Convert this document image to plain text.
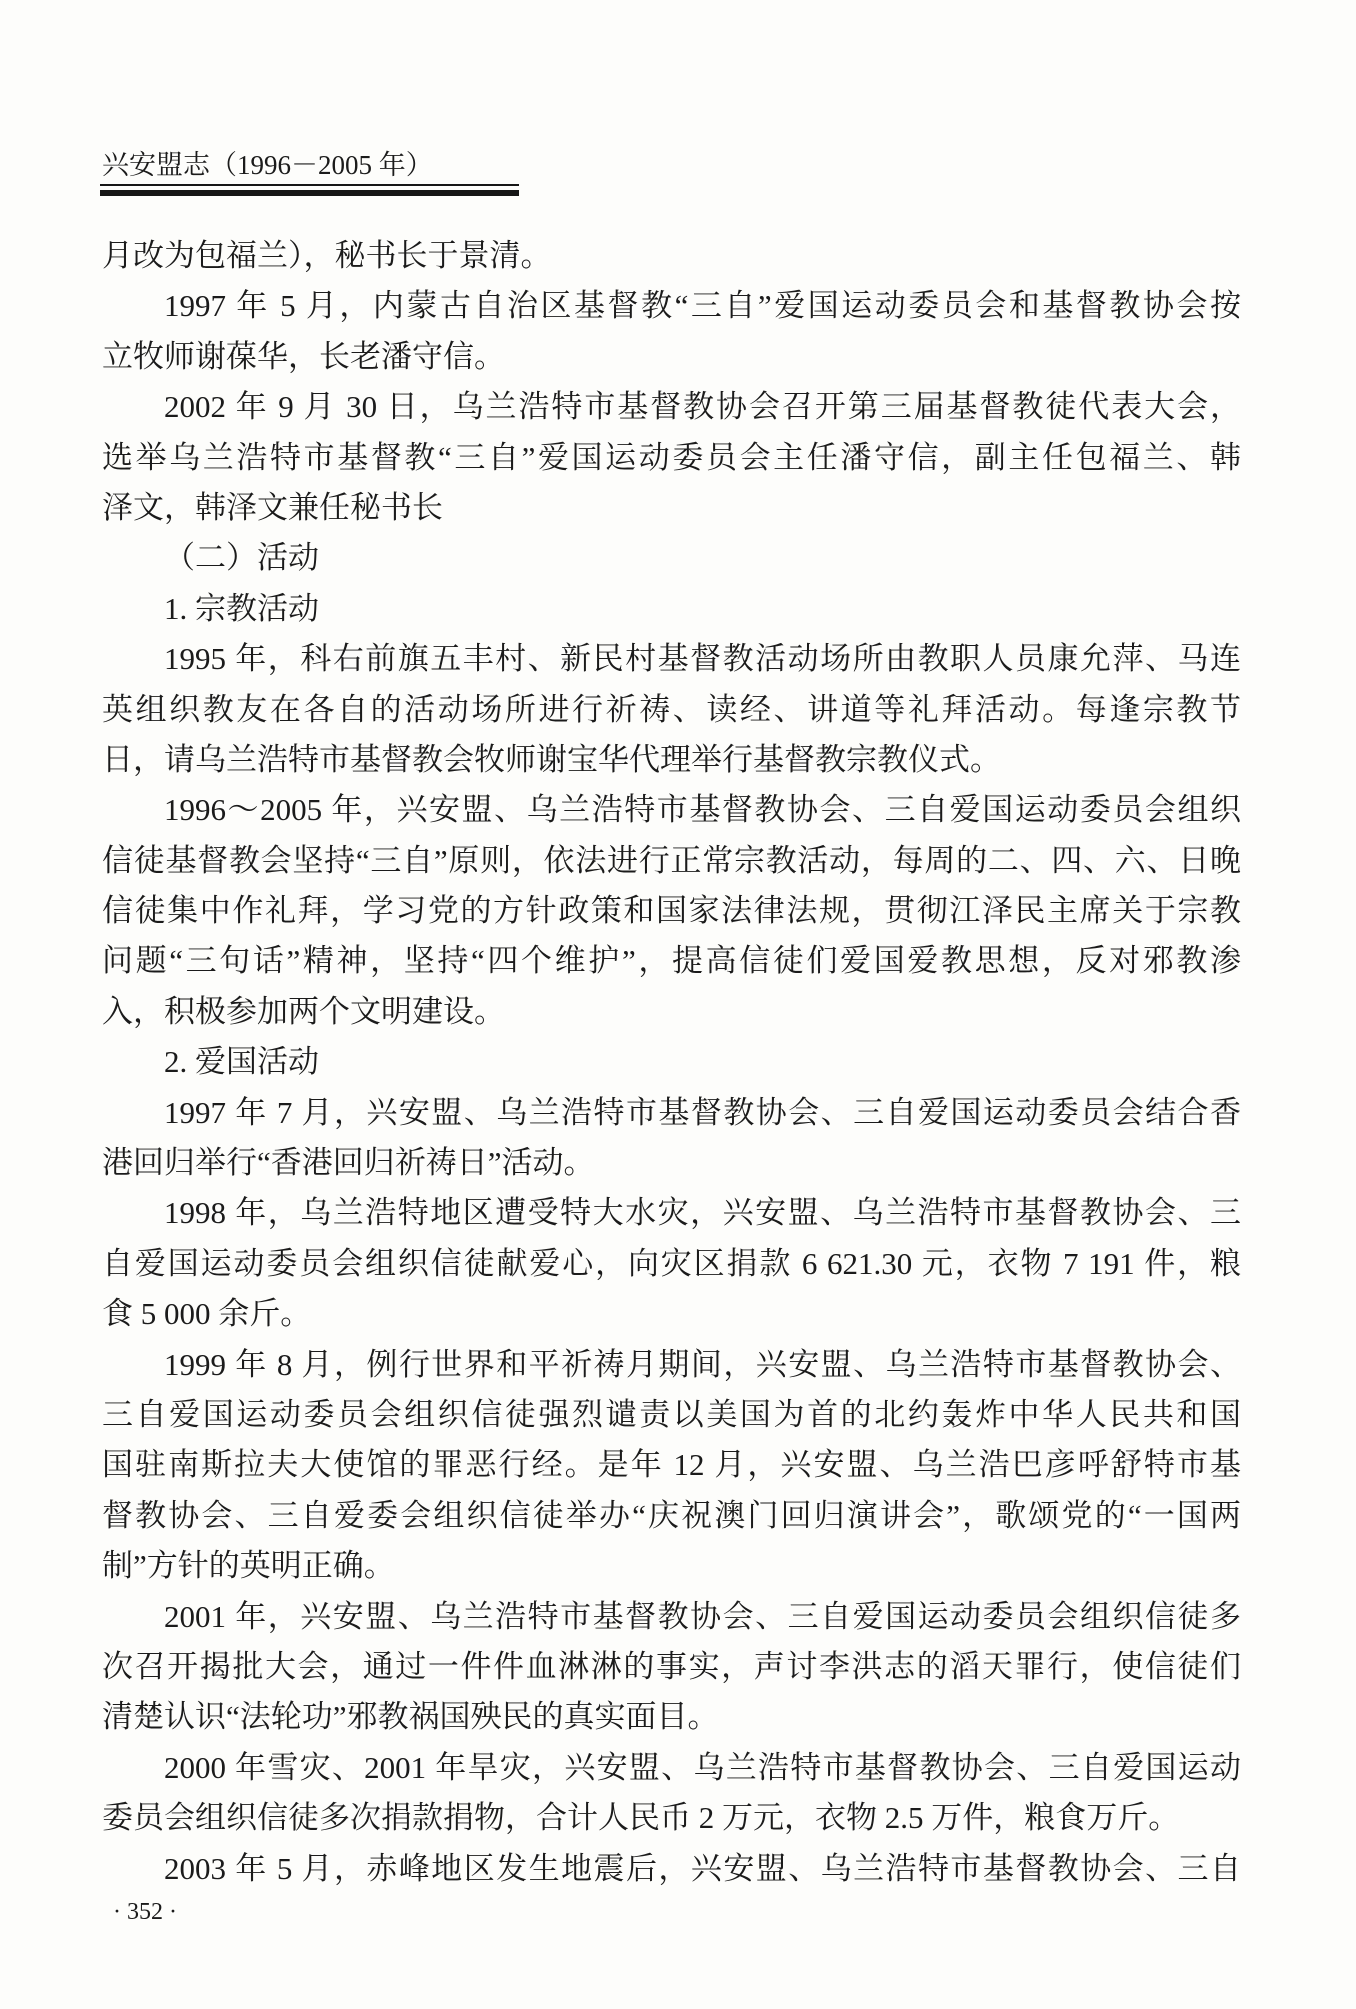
兴安盟志（1996－2005 年）
月改为包福兰），秘书长于景清。
1997 年 5 月，内蒙古自治区基督教“三自”爱国运动委员会和基督教协会按
立牧师谢葆华，长老潘守信。
2002 年 9 月 30 日，乌兰浩特市基督教协会召开第三届基督教徒代表大会，
选举乌兰浩特市基督教“三自”爱国运动委员会主任潘守信，副主任包福兰、韩
泽文，韩泽文兼任秘书长
（二）活动
1. 宗教活动
1995 年，科右前旗五丰村、新民村基督教活动场所由教职人员康允萍、马连
英组织教友在各自的活动场所进行祈祷、读经、讲道等礼拜活动。每逢宗教节
日，请乌兰浩特市基督教会牧师谢宝华代理举行基督教宗教仪式。
1996～2005 年，兴安盟、乌兰浩特市基督教协会、三自爱国运动委员会组织
信徒基督教会坚持“三自”原则，依法进行正常宗教活动，每周的二、四、六、日晚
信徒集中作礼拜，学习党的方针政策和国家法律法规，贯彻江泽民主席关于宗教
问题“三句话”精神，坚持“四个维护”，提高信徒们爱国爱教思想，反对邪教渗
入，积极参加两个文明建设。
2. 爱国活动
1997 年 7 月，兴安盟、乌兰浩特市基督教协会、三自爱国运动委员会结合香
港回归举行“香港回归祈祷日”活动。
1998 年，乌兰浩特地区遭受特大水灾，兴安盟、乌兰浩特市基督教协会、三
自爱国运动委员会组织信徒献爱心，向灾区捐款 6 621.30 元，衣物 7 191 件，粮
食 5 000 余斤。
1999 年 8 月，例行世界和平祈祷月期间，兴安盟、乌兰浩特市基督教协会、
三自爱国运动委员会组织信徒强烈谴责以美国为首的北约轰炸中华人民共和国
国驻南斯拉夫大使馆的罪恶行经。是年 12 月，兴安盟、乌兰浩巴彦呼舒特市基
督教协会、三自爱委会组织信徒举办“庆祝澳门回归演讲会”，歌颂党的“一国两
制”方针的英明正确。
2001 年，兴安盟、乌兰浩特市基督教协会、三自爱国运动委员会组织信徒多
次召开揭批大会，通过一件件血淋淋的事实，声讨李洪志的滔天罪行，使信徒们
清楚认识“法轮功”邪教祸国殃民的真实面目。
2000 年雪灾、2001 年旱灾，兴安盟、乌兰浩特市基督教协会、三自爱国运动
委员会组织信徒多次捐款捐物，合计人民币 2 万元，衣物 2.5 万件，粮食万斤。
2003 年 5 月，赤峰地区发生地震后，兴安盟、乌兰浩特市基督教协会、三自
· 352 ·
